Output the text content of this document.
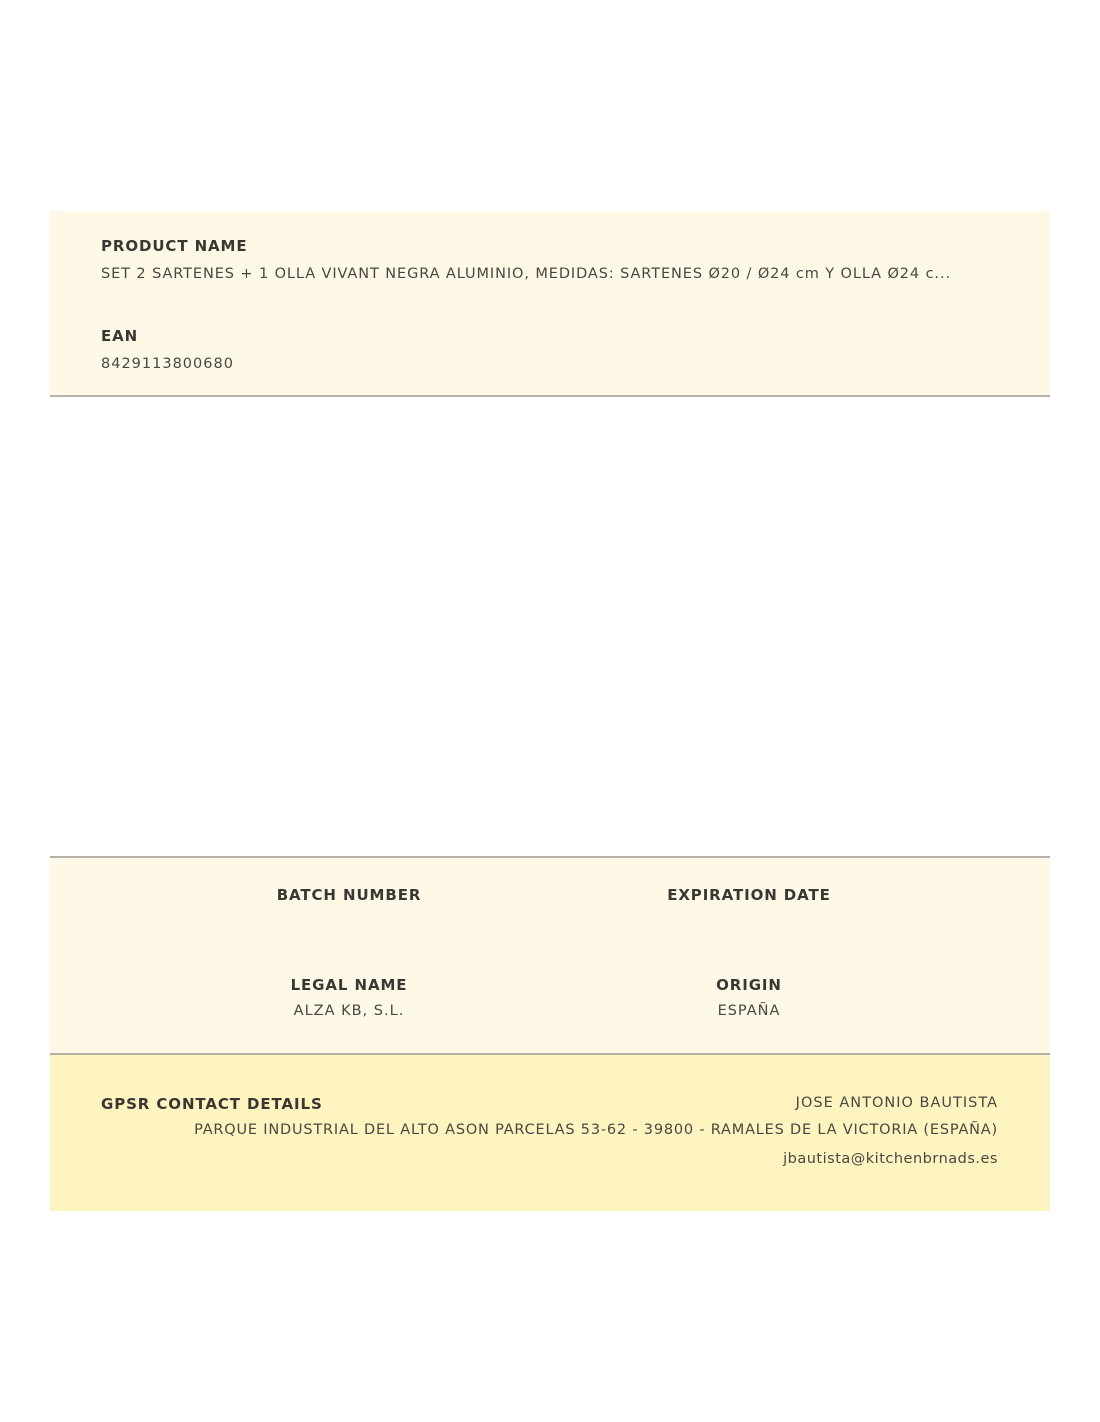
PRODUCT NAME
SET 2 SARTENES + 1 OLLA VIVANT NEGRA ALUMINIO, MEDIDAS: SARTENES Ø20 / Ø24 cm Y OLLA Ø24 c...
EAN
8429113800680
BATCH NUMBER	EXPIRATION DATE
LEGAL NAME
ALZA KB, S.L.
ORIGIN
ESPAÑA
GPSR CONTACT DETAILS	JOSE ANTONIO BAUTISTA
PARQUE INDUSTRIAL DEL ALTO ASON PARCELAS 53-62 - 39800 - RAMALES DE LA VICTORIA (ESPAÑA)
jbautista@kitchenbrnads.es
